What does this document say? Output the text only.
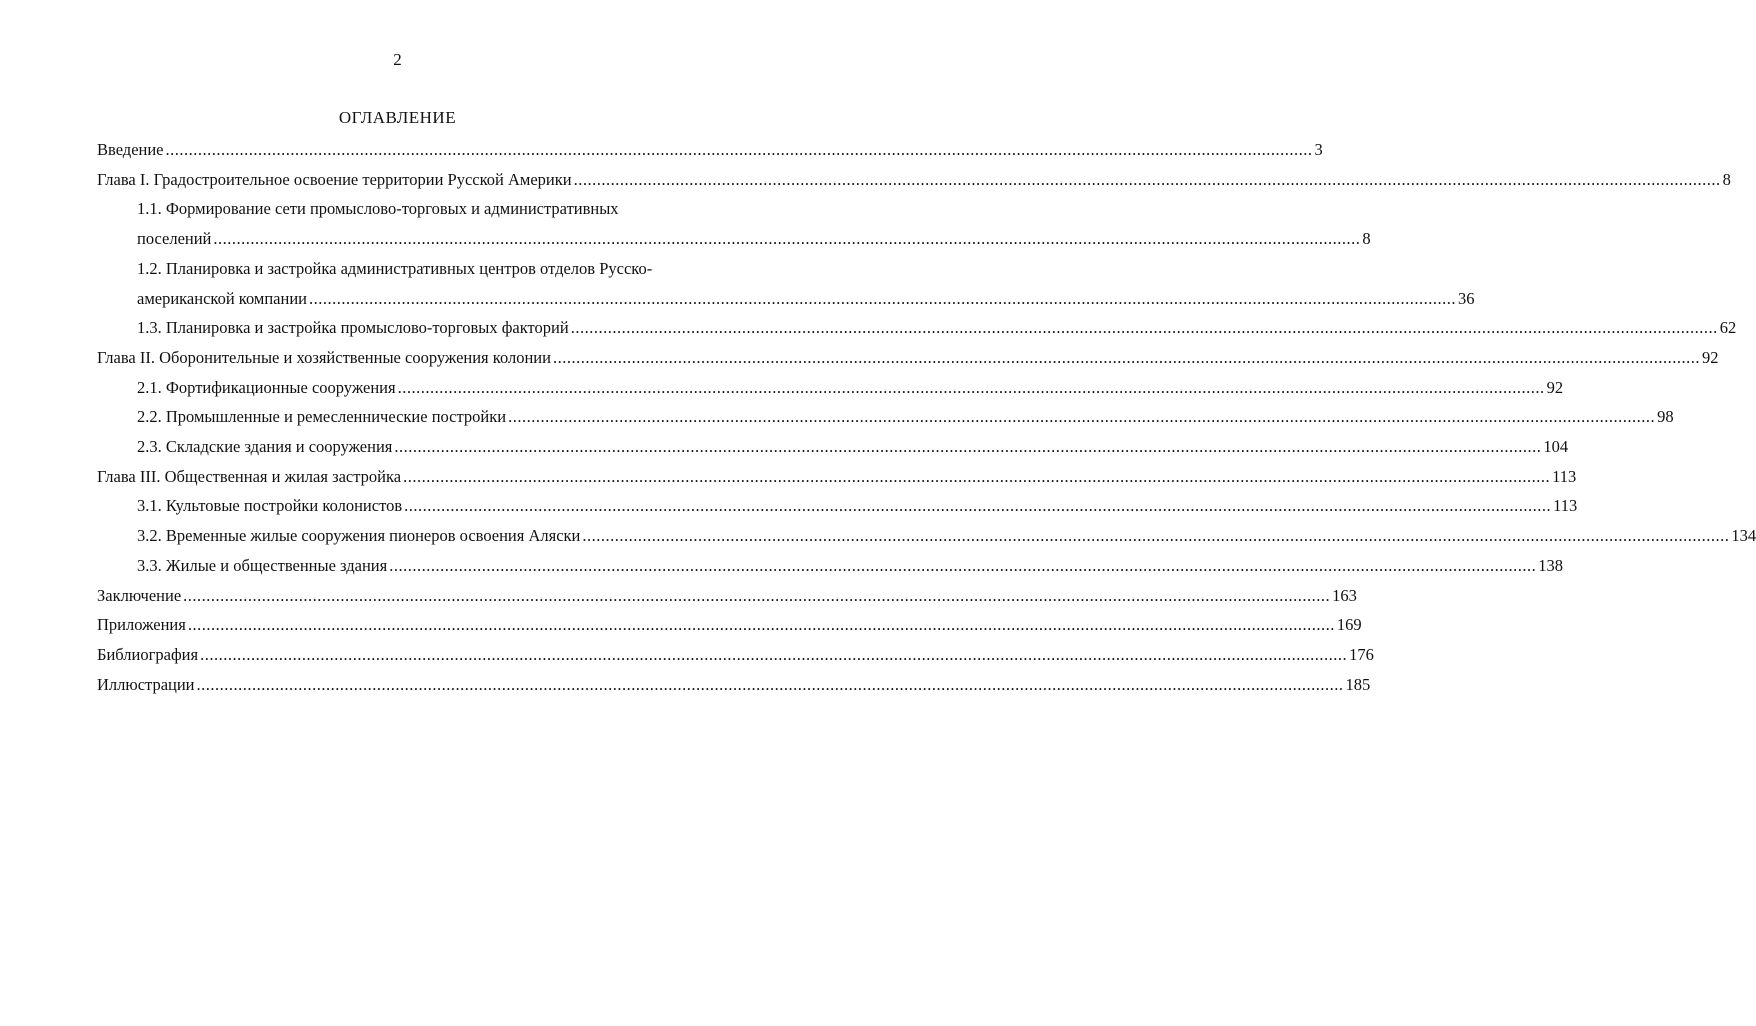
2
ОГЛАВЛЕНИЕ
Введение .....	3
Глава I. Градостроительное освоение территории Русской Америки .....	8
1.1. Формирование сети промыслово-торговых и административных
поселений .....	8
1.2. Планировка и застройка административных центров отделов Русско-
американской компании .....	36
1.3. Планировка и застройка промыслово-торговых факторий .....	62
Глава II. Оборонительные и хозяйственные сооружения колонии .....	92
2.1. Фортификационные сооружения .....	92
2.2. Промышленные и ремесленнические постройки .....	98
2.3. Складские здания и сооружения .....	104
Глава III. Общественная и жилая застройка .....	113
3.1. Культовые постройки колонистов .....	113
3.2. Временные жилые сооружения пионеров освоения Аляски .....	134
3.3. Жилые и общественные здания .....	138
Заключение .....	163
Приложения .....	169
Библиография .....	176
Иллюстрации .....	185
